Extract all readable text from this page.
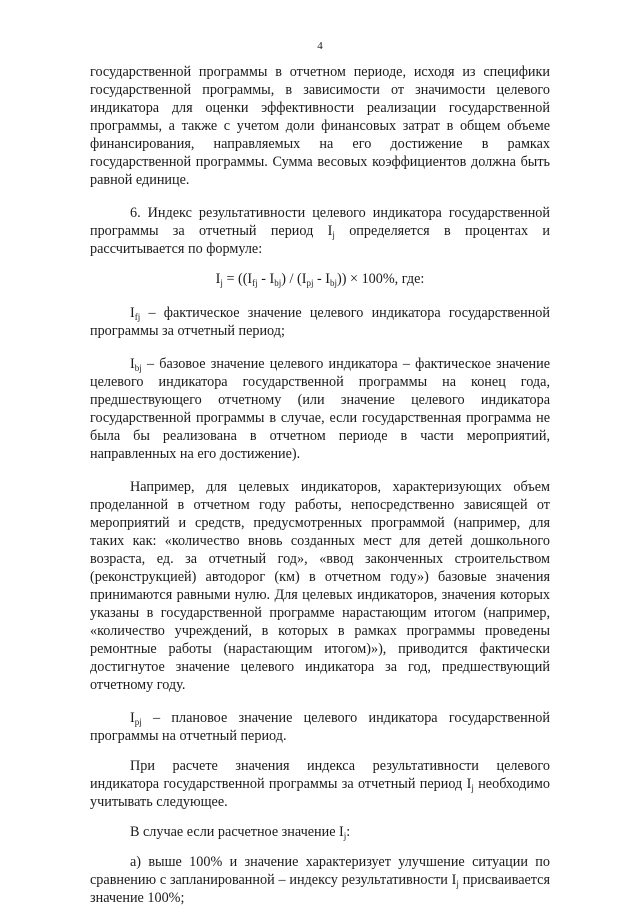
4

государственной программы в отчетном периоде, исходя из специфики государственной программы, в зависимости от значимости целевого индикатора для оценки эффективности реализации государственной программы, а также с учетом доли финансовых затрат в общем объеме финансирования, направляемых на его достижение в рамках государственной программы. Сумма весовых коэффициентов должна быть равной единице.

6. Индекс результативности целевого индикатора государственной программы за отчетный период $I_j$ определяется в процентах и рассчитывается по формуле:

$I_j = ((I_{fj} - I_{bj}) / (I_{pj} - I_{bj})) \times 100\%$, где:

$I_{fj}$ – фактическое значение целевого индикатора государственной программы за отчетный период;

$I_{bj}$ – базовое значение целевого индикатора – фактическое значение целевого индикатора государственной программы на конец года, предшествующего отчетному (или значение целевого индикатора государственной программы в случае, если государственная программа не была бы реализована в отчетном периоде в части мероприятий, направленных на его достижение).

Например, для целевых индикаторов, характеризующих объем проделанной в отчетном году работы, непосредственно зависящей от мероприятий и средств, предусмотренных программой (например, для таких как: «количество вновь созданных мест для детей дошкольного возраста, ед. за отчетный год», «ввод законченных строительством (реконструкцией) автодорог (км) в отчетном году») базовые значения принимаются равными нулю. Для целевых индикаторов, значения которых указаны в государственной программе нарастающим итогом (например, «количество учреждений, в которых в рамках программы проведены ремонтные работы (нарастающим итогом)»), приводится фактически достигнутое значение целевого индикатора за год, предшествующий отчетному году.

$I_{pj}$ – плановое значение целевого индикатора государственной программы на отчетный период.

При расчете значения индекса результативности целевого индикатора государственной программы за отчетный период $I_j$ необходимо учитывать следующее.

В случае если расчетное значение $I_j$:

а) выше 100% и значение характеризует улучшение ситуации по сравнению с запланированной – индексу результативности $I_j$ присваивается значение 100%;
